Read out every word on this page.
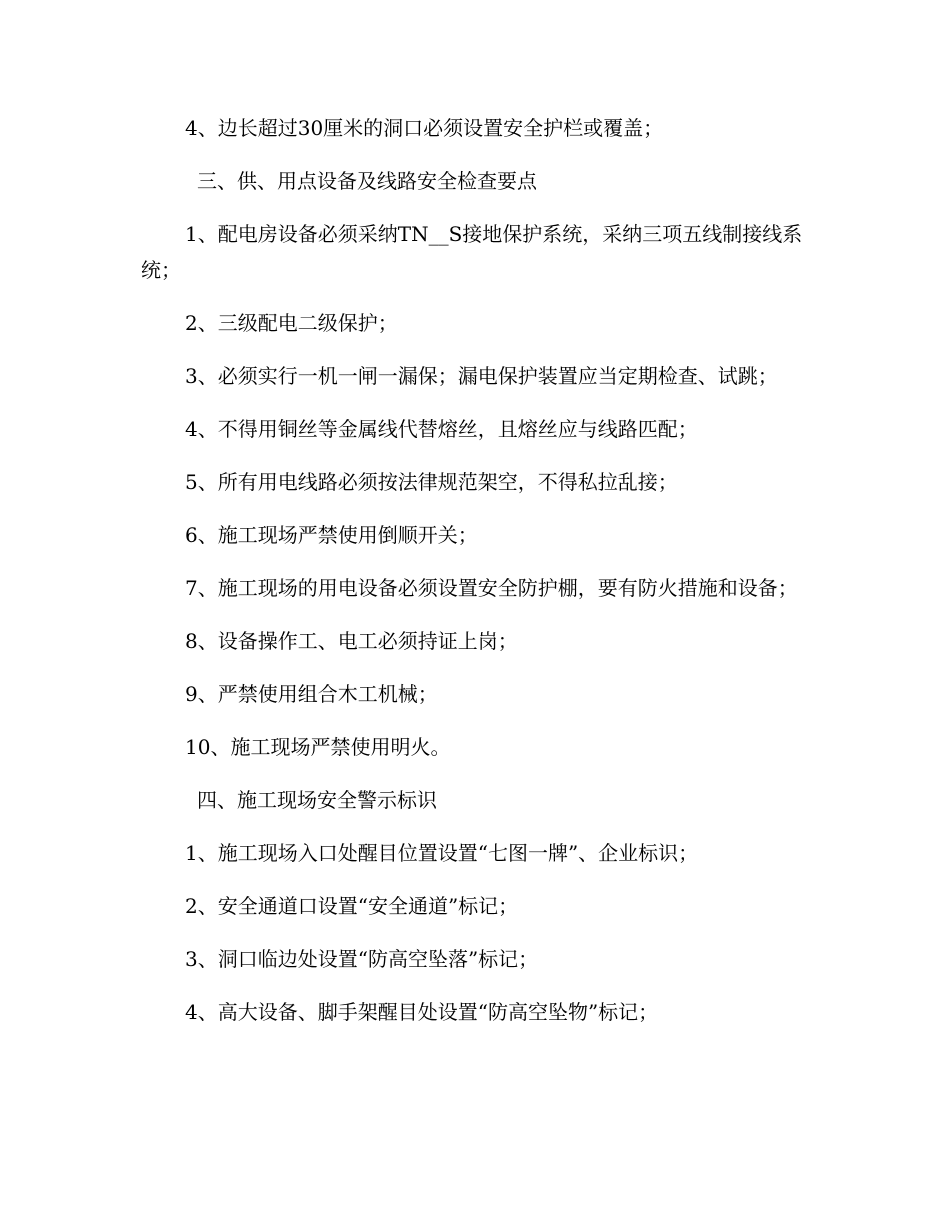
4、边长超过30厘米的洞口必须设置安全护栏或覆盖；

三、供、用点设备及线路安全检查要点

1、配电房设备必须采纳TN__S接地保护系统，采纳三项五线制接线系统；

2、三级配电二级保护；

3、必须实行一机一闸一漏保；漏电保护装置应当定期检查、试跳；

4、不得用铜丝等金属线代替熔丝，且熔丝应与线路匹配；

5、所有用电线路必须按法律规范架空，不得私拉乱接；

6、施工现场严禁使用倒顺开关；

7、施工现场的用电设备必须设置安全防护棚，要有防火措施和设备；

8、设备操作工、电工必须持证上岗；

9、严禁使用组合木工机械；

10、施工现场严禁使用明火。

四、施工现场安全警示标识

1、施工现场入口处醒目位置设置“七图一牌”、企业标识；

2、安全通道口设置“安全通道”标记；

3、洞口临边处设置“防高空坠落”标记；

4、高大设备、脚手架醒目处设置“防高空坠物”标记；
